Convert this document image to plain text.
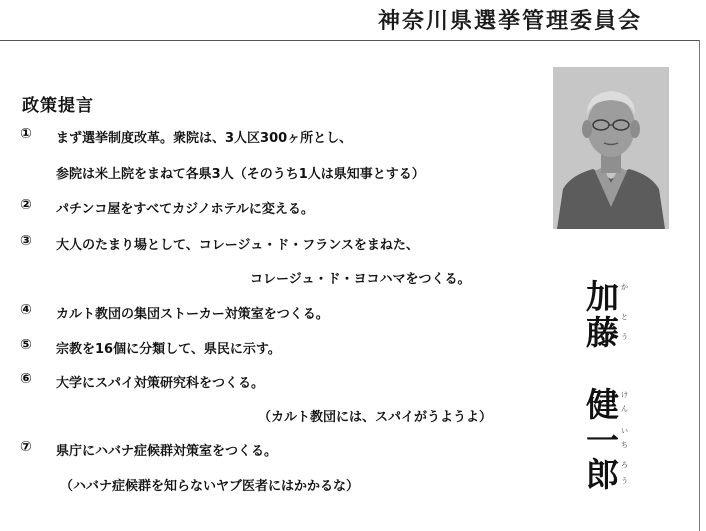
神奈川県選挙管理委員会
政策提言
① まず選挙制度改革。衆院は、3人区300ヶ所とし、
参院は米上院をまねて各県3人（そのうち1人は県知事とする）
② パチンコ屋をすべてカジノホテルに変える。
③ 大人のたまり場として、コレージュ・ド・フランスをまねた、
コレージュ・ド・ヨコハマをつくる。
④ カルト教団の集団ストーカー対策室をつくる。
⑤ 宗教を16個に分類して、県民に示す。
⑥ 大学にスパイ対策研究科をつくる。
（カルト教団には、スパイがうようよ）
⑦ 県庁にハバナ症候群対策室をつくる。
（ハバナ症候群を知らないヤブ医者にはかかるな）
加
藤
健
一
郎
か
と
う
け
ん
い
ち
ろ
う
